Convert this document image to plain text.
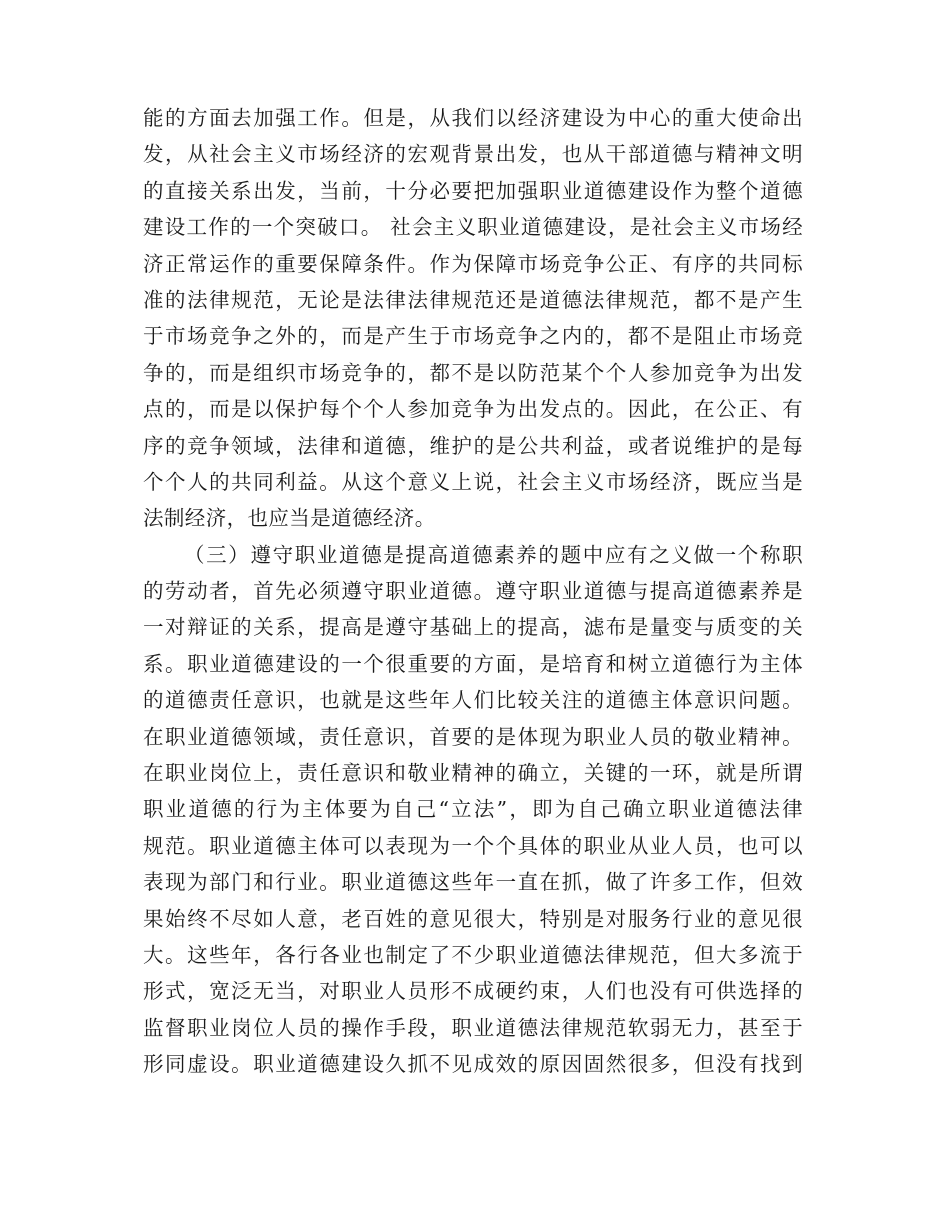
能的方面去加强工作。但是，从我们以经济建设为中心的重大使命出
发，从社会主义市场经济的宏观背景出发，也从干部道德与精神文明
的直接关系出发，当前，十分必要把加强职业道德建设作为整个道德
建设工作的一个突破口。 社会主义职业道德建设，是社会主义市场经
济正常运作的重要保障条件。作为保障市场竞争公正、有序的共同标
准的法律规范，无论是法律法律规范还是道德法律规范，都不是产生
于市场竞争之外的，而是产生于市场竞争之内的，都不是阻止市场竞
争的，而是组织市场竞争的，都不是以防范某个个人参加竞争为出发
点的，而是以保护每个个人参加竞争为出发点的。因此，在公正、有
序的竞争领域，法律和道德，维护的是公共利益，或者说维护的是每
个个人的共同利益。从这个意义上说，社会主义市场经济，既应当是
法制经济，也应当是道德经济。
（三）遵守职业道德是提高道德素养的题中应有之义做一个称职
的劳动者，首先必须遵守职业道德。遵守职业道德与提高道德素养是
一对辩证的关系，提高是遵守基础上的提高，滤布是量变与质变的关
系。职业道德建设的一个很重要的方面，是培育和树立道德行为主体
的道德责任意识，也就是这些年人们比较关注的道德主体意识问题。
在职业道德领域，责任意识，首要的是体现为职业人员的敬业精神。
在职业岗位上，责任意识和敬业精神的确立，关键的一环，就是所谓
职业道德的行为主体要为自己“立法”，即为自己确立职业道德法律
规范。职业道德主体可以表现为一个个具体的职业从业人员，也可以
表现为部门和行业。职业道德这些年一直在抓，做了许多工作，但效
果始终不尽如人意，老百姓的意见很大，特别是对服务行业的意见很
大。这些年，各行各业也制定了不少职业道德法律规范，但大多流于
形式，宽泛无当，对职业人员形不成硬约束，人们也没有可供选择的
监督职业岗位人员的操作手段，职业道德法律规范软弱无力，甚至于
形同虚设。职业道德建设久抓不见成效的原因固然很多，但没有找到
